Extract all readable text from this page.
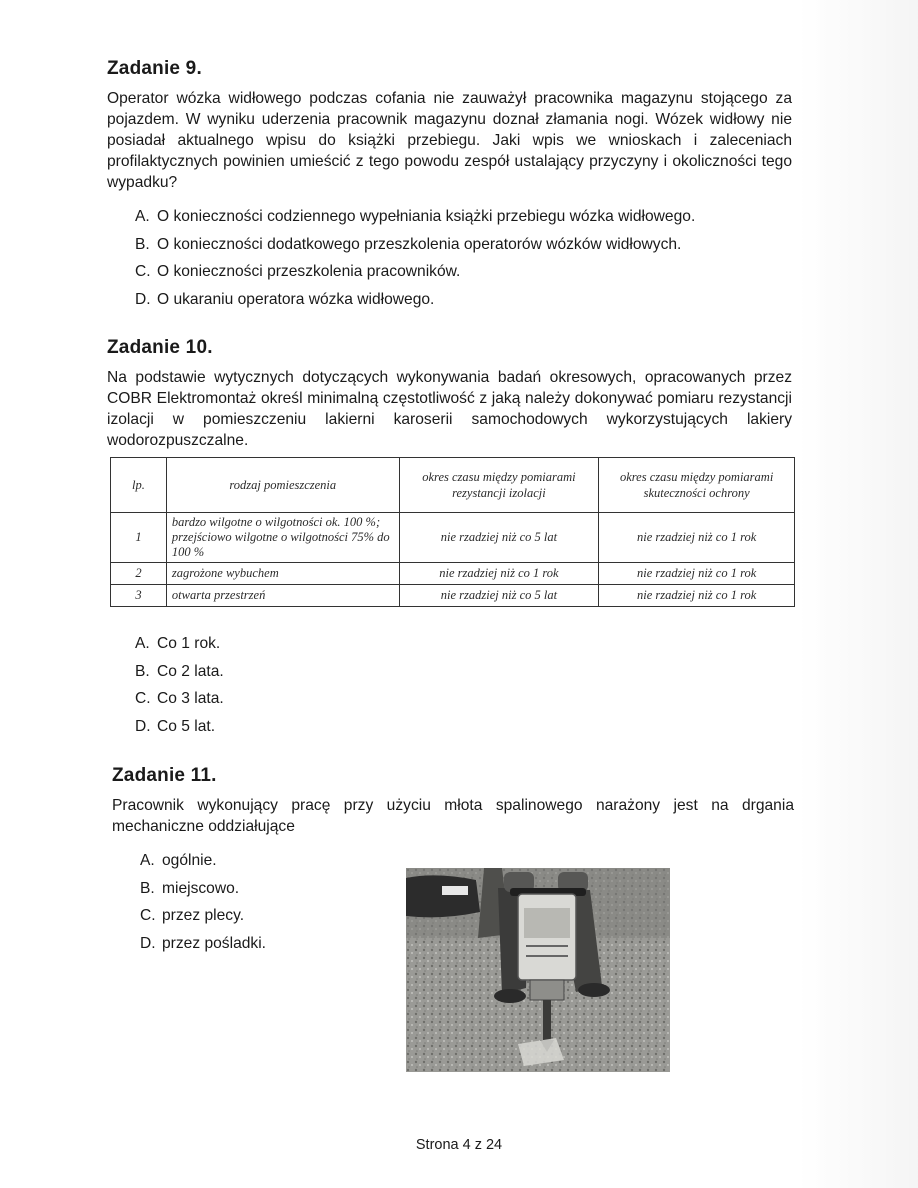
Zadanie 9.

Operator wózka widłowego podczas cofania nie zauważył pracownika magazynu stojącego za pojazdem. W wyniku uderzenia pracownik magazynu doznał złamania nogi. Wózek widłowy nie posiadał aktualnego wpisu do książki przebiegu. Jaki wpis we wnioskach i zaleceniach profilaktycznych powinien umieścić z tego powodu zespół ustalający przyczyny i okoliczności tego wypadku?

A. O konieczności codziennego wypełniania książki przebiegu wózka widłowego.
B. O konieczności dodatkowego przeszkolenia operatorów wózków widłowych.
C. O konieczności przeszkolenia pracowników.
D. O ukaraniu operatora wózka widłowego.
Zadanie 10.

Na podstawie wytycznych dotyczących wykonywania badań okresowych, opracowanych przez COBR Elektromontaż określ minimalną częstotliwość z jaką należy dokonywać pomiaru rezystancji izolacji w pomieszczeniu lakierni karoserii samochodowych wykorzystujących lakiery wodorozpuszczalne.

lp.	rodzaj pomieszczenia	okres czasu między pomiarami rezystancji izolacji	okres czasu między pomiarami skuteczności ochrony
1	bardzo wilgotne o wilgotności ok. 100 %; przejściowo wilgotne o wilgotności 75% do 100 %	nie rzadziej niż co 5 lat	nie rzadziej niż co 1 rok
2	zagrożone wybuchem	nie rzadziej niż co 1 rok	nie rzadziej niż co 1 rok
3	otwarta przestrzeń	nie rzadziej niż co 5 lat	nie rzadziej niż co 1 rok
A. Co 1 rok.
B. Co 2 lata.
C. Co 3 lata.
D. Co 5 lat.
Zadanie 11.

Pracownik wykonujący pracę przy użyciu młota spalinowego narażony jest na drgania mechaniczne oddziałujące

A. ogólnie.
B. miejscowo.
C. przez plecy.
D. przez pośladki.
Strona 4 z 24
